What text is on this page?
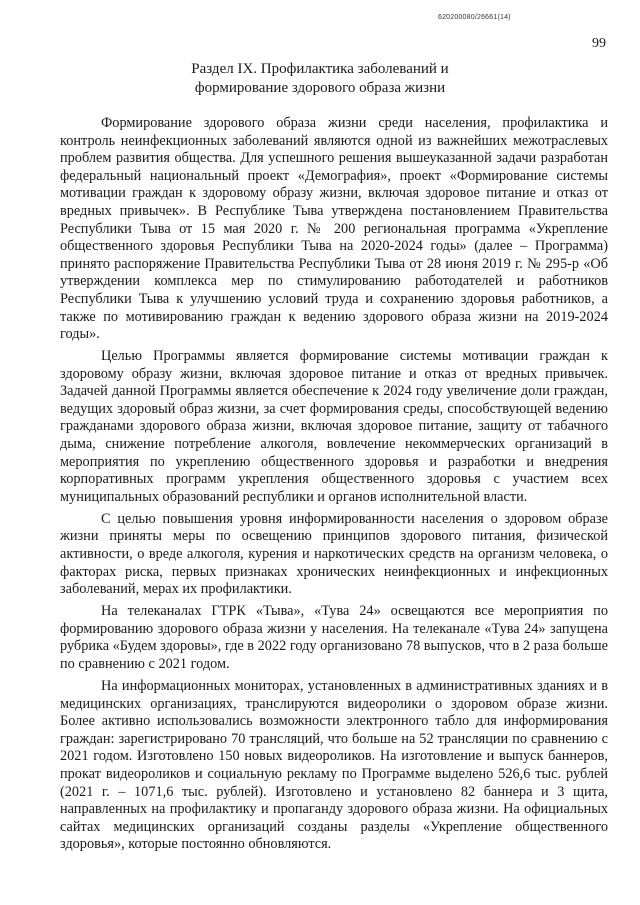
620200080/26661(14)
99
Раздел IX. Профилактика заболеваний и
формирование здорового образа жизни

Формирование здорового образа жизни среди населения, профилактика и контроль неинфекционных заболеваний являются одной из важнейших межотраслевых проблем развития общества. Для успешного решения вышеуказанной задачи разработан федеральный национальный проект «Демография», проект «Формирование системы мотивации граждан к здоровому образу жизни, включая здоровое питание и отказ от вредных привычек». В Республике Тыва утверждена постановлением Правительства Республики Тыва от 15 мая 2020 г. № 200 региональная программа «Укрепление общественного здоровья Республики Тыва на 2020-2024 годы» (далее – Программа) принято распоряжение Правительства Республики Тыва от 28 июня 2019 г. № 295-р «Об утверждении комплекса мер по стимулированию работодателей и работников Республики Тыва к улучшению условий труда и сохранению здоровья работников, а также по мотивированию граждан к ведению здорового образа жизни на 2019-2024 годы».

Целью Программы является формирование системы мотивации граждан к здоровому образу жизни, включая здоровое питание и отказ от вредных привычек. Задачей данной Программы является обеспечение к 2024 году увеличение доли граждан, ведущих здоровый образ жизни, за счет формирования среды, способствующей ведению гражданами здорового образа жизни, включая здоровое питание, защиту от табачного дыма, снижение потребление алкоголя, вовлечение некоммерческих организаций в мероприятия по укреплению общественного здоровья и разработки и внедрения корпоративных программ укрепления общественного здоровья с участием всех муниципальных образований республики и органов исполнительной власти.

С целью повышения уровня информированности населения о здоровом образе жизни приняты меры по освещению принципов здорового питания, физической активности, о вреде алкоголя, курения и наркотических средств на организм человека, о факторах риска, первых признаках хронических неинфекционных и инфекционных заболеваний, мерах их профилактики.

На телеканалах ГТРК «Тыва», «Тува 24» освещаются все мероприятия по формированию здорового образа жизни у населения. На телеканале «Тува 24» запущена рубрика «Будем здоровы», где в 2022 году организовано 78 выпусков, что в 2 раза больше по сравнению с 2021 годом.

На информационных мониторах, установленных в административных зданиях и в медицинских организациях, транслируются видеоролики о здоровом образе жизни. Более активно использовались возможности электронного табло для информирования граждан: зарегистрировано 70 трансляций, что больше на 52 трансляции по сравнению с 2021 годом. Изготовлено 150 новых видеороликов. На изготовление и выпуск баннеров, прокат видеороликов и социальную рекламу по Программе выделено 526,6 тыс. рублей (2021 г. – 1071,6 тыс. рублей). Изготовлено и установлено 82 баннера и 3 щита, направленных на профилактику и пропаганду здорового образа жизни. На официальных сайтах медицинских организаций созданы разделы «Укрепление общественного здоровья», которые постоянно обновляются.
